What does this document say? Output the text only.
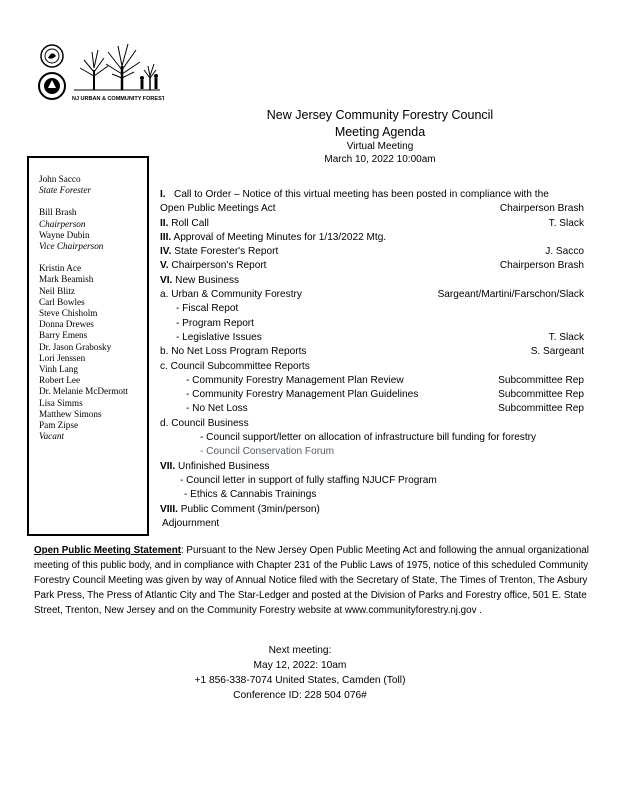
NJ URBAN & COMMUNITY FORESTRY
New Jersey Community Forestry Council
Meeting Agenda
Virtual Meeting
March 10, 2022 10:00am
John Sacco
State Forester
Bill Brash
Chairperson
Wayne Dubin
Vice Chairperson
Kristin Ace
Mark Beamish
Neil Blitz
Carl Bowles
Steve Chisholm
Donna Drewes
Barry Emens
Dr. Jason Grabosky
Lori Jenssen
Vinh Lang
Robert Lee
Dr. Melanie McDermott
Lisa Simms
Matthew Simons
Pam Zipse
Vacant
I. Call to Order – Notice of this virtual meeting has been posted in compliance with the
Open Public Meetings Act	Chairperson Brash
II. Roll Call	T. Slack
III. Approval of Meeting Minutes for 1/13/2022 Mtg.
IV. State Forester's Report	J. Sacco
V. Chairperson's Report	Chairperson Brash
VI. New Business
a. Urban & Community Forestry	Sargeant/Martini/Farschon/Slack
- Fiscal Repot
- Program Report
- Legislative Issues	T. Slack
b. No Net Loss Program Reports	S. Sargeant
c. Council Subcommittee Reports
- Community Forestry Management Plan Review	Subcommittee Rep
- Community Forestry Management Plan Guidelines	Subcommittee Rep
- No Net Loss	Subcommittee Rep
d. Council Business
- Council support/letter on allocation of infrastructure bill funding for forestry
- Council Conservation Forum
VII. Unfinished Business
- Council letter in support of fully staffing NJUCF Program
- Ethics & Cannabis Trainings
VIII. Public Comment (3min/person)
Adjournment
Open Public Meeting Statement: Pursuant to the New Jersey Open Public Meeting Act and following the annual organizational meeting of this public body, and in compliance with Chapter 231 of the Public Laws of 1975, notice of this scheduled Community Forestry Council Meeting was given by way of Annual Notice filed with the Secretary of State, The Times of Trenton, The Asbury Park Press, The Press of Atlantic City and The Star-Ledger and posted at the Division of Parks and Forestry office, 501 E. State Street, Trenton, New Jersey and on the Community Forestry website at www.communityforestry.nj.gov .
Next meeting:
May 12, 2022: 10am
+1 856-338-7074 United States, Camden (Toll)
Conference ID: 228 504 076#
